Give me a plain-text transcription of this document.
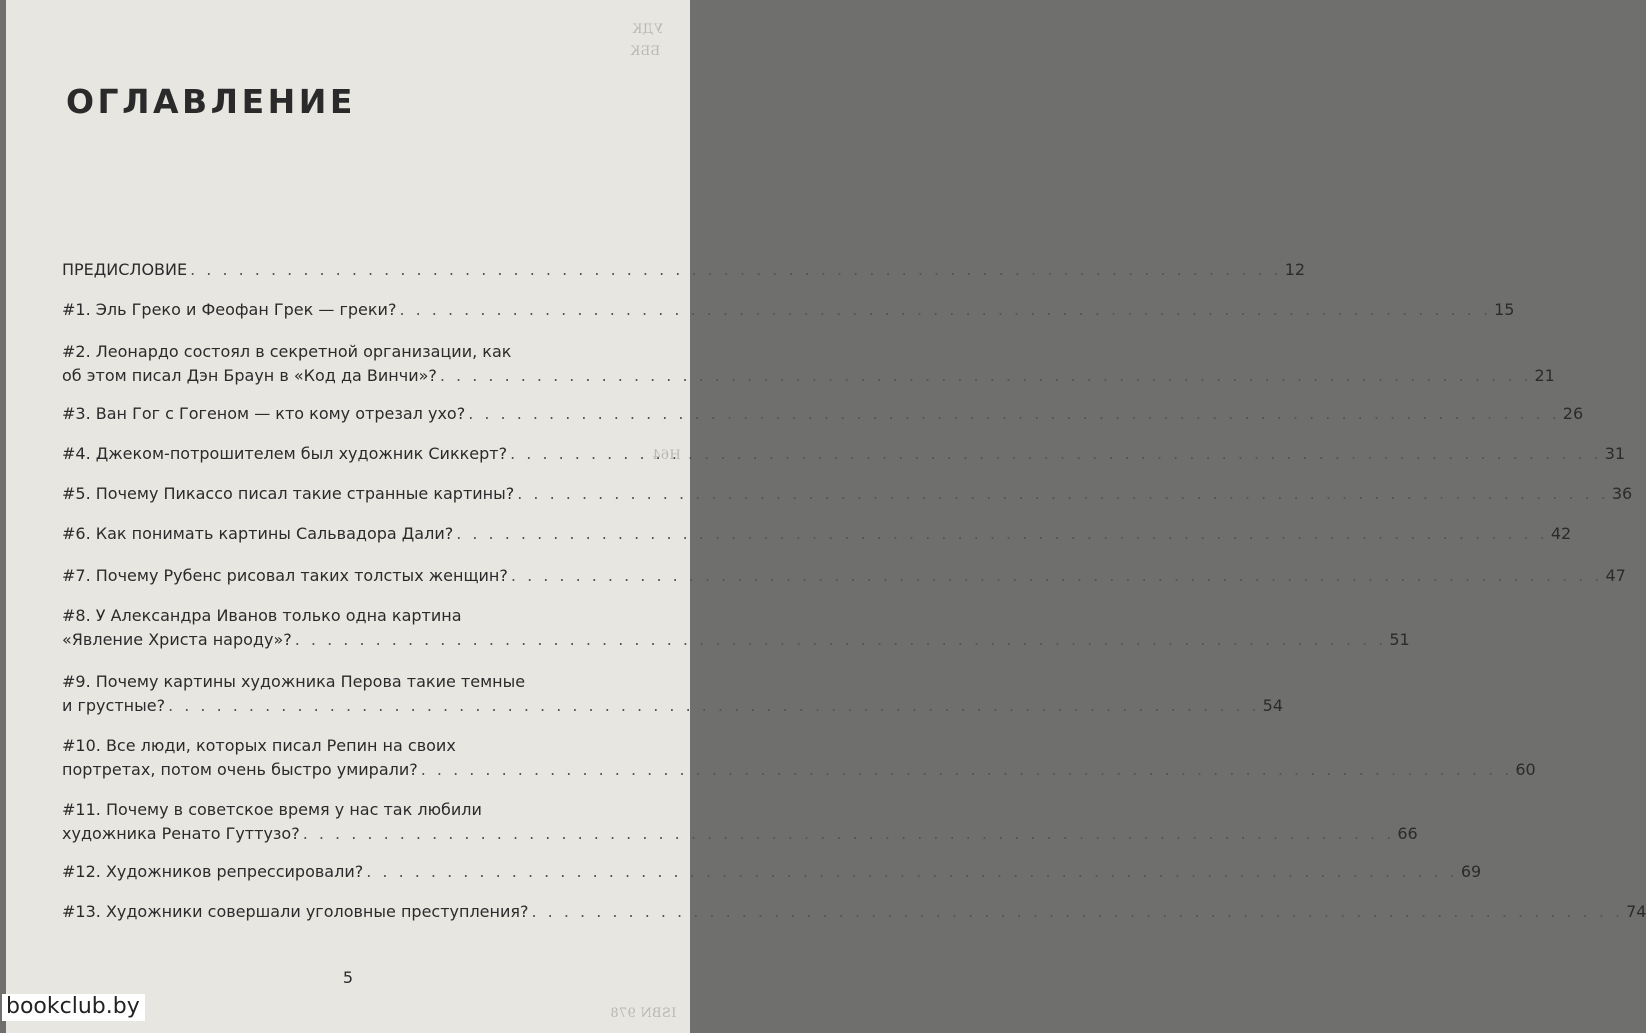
УДК
ББК
Н64
ISBN 978
ОГЛАВЛЕНИЕ
ПРЕДИСЛОВИЕ . . .	12
#1. Эль Греко и Феофан Грек — греки? . . .	15
#2. Леонардо состоял в секретной организации, как
об этом писал Дэн Браун в «Код да Винчи»? . . .	21
#3. Ван Гог с Гогеном — кто кому отрезал ухо? . . .	26
#4. Джеком-потрошителем был художник Сиккерт? . . .	31
#5. Почему Пикассо писал такие странные картины? . . .	36
#6. Как понимать картины Сальвадора Дали? . . .	42
#7. Почему Рубенс рисовал таких толстых женщин? . . .	47
#8. У Александра Иванов только одна картина
«Явление Христа народу»? . . .	51
#9. Почему картины художника Перова такие темные
и грустные? . . .	54
#10. Все люди, которых писал Репин на своих
портретах, потом очень быстро умирали? . . .	60
#11. Почему в советское время у нас так любили
художника Ренато Гуттузо? . . .	66
#12. Художников репрессировали? . . .	69
#13. Художники совершали уголовные преступления? . . .	74
5
bookclub.by
